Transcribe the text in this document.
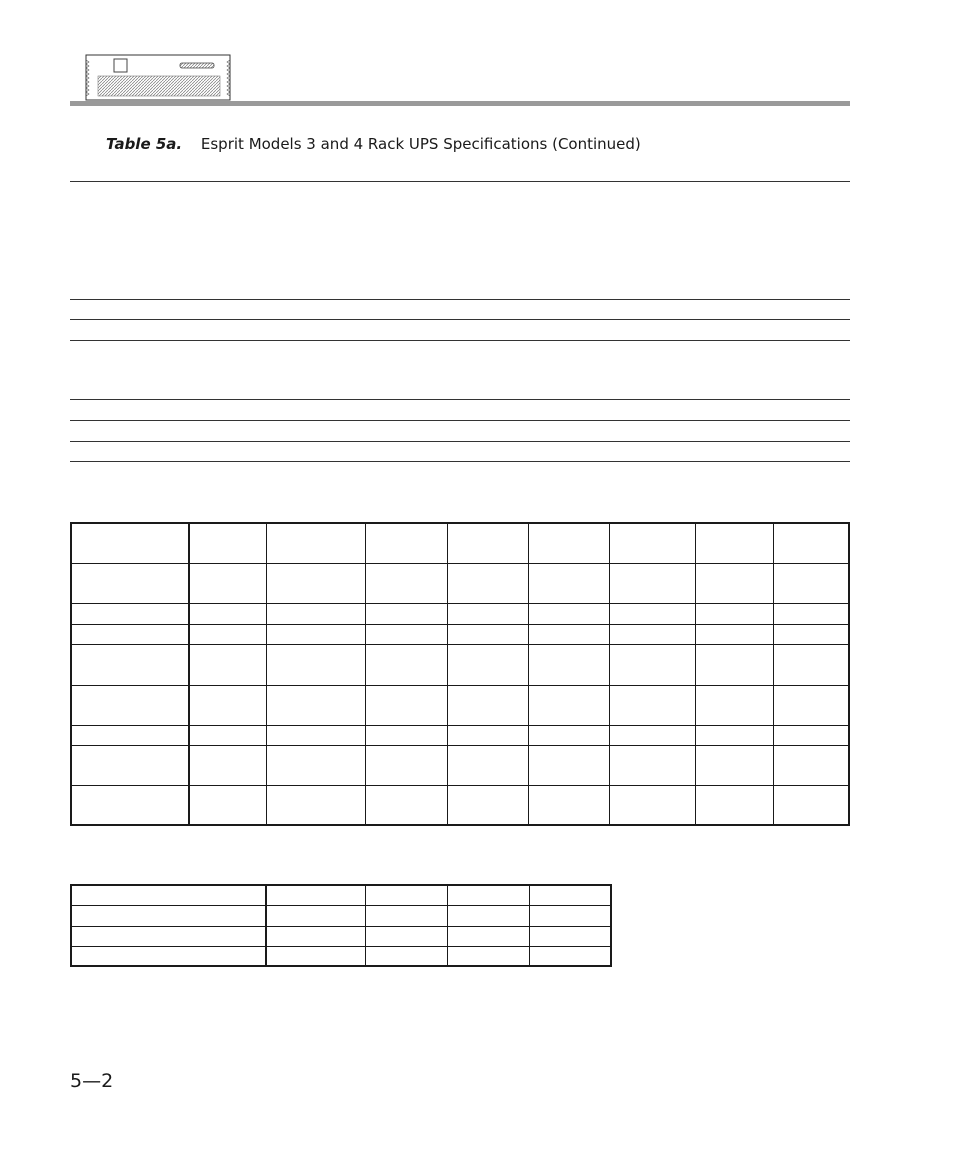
Table 5a. Esprit Models 3 and 4 Rack UPS Specifications (Continued)

5—2
